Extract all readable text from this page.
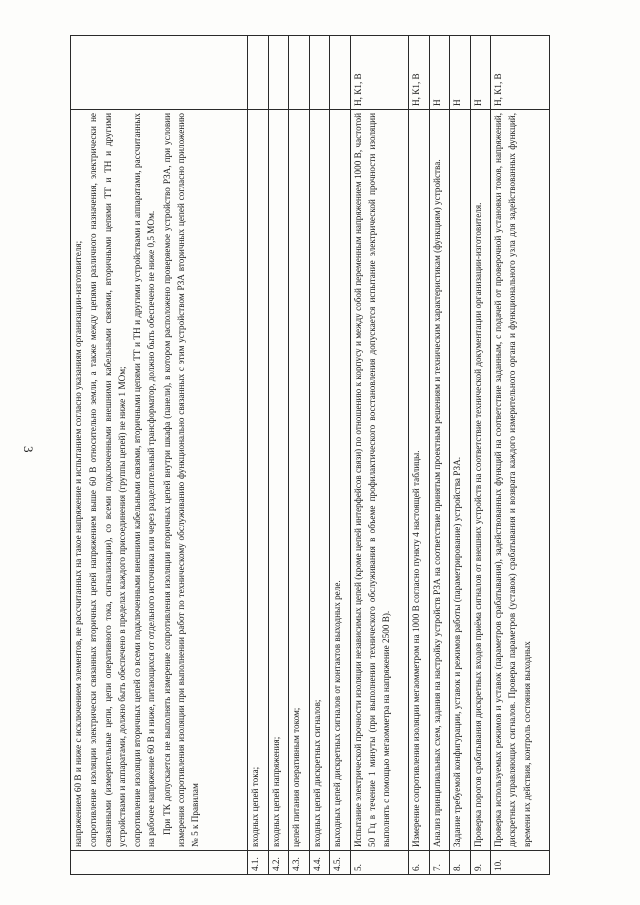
3

	напряжением 60 В и ниже с исключением элементов, не рассчитанных на такое напряжение и испытанием согласно указаниям организации-изготовителя; сопротивление изоляции электрически связанных вторичных цепей напряжением выше 60 В относительно земли, а также между цепями различного назначения, электрически не связанными (измерительные цепи, цепи оперативного тока, сигнализации), со всеми подключенными внешними кабельными связями, вторичными цепями ТТ и ТН и другими устройствами и аппаратами, должно быть обеспечено в пределах каждого присоединения (группы цепей) не ниже 1 МОм; сопротивление изоляции вторичных цепей со всеми подключенными внешними кабельными связями, вторичными цепями ТТ и ТН и другими устройствами и аппаратами, рассчитанных на рабочее напряжение 60 В и ниже, питающихся от отдельного источника или через разделительный трансформатор, должно быть обеспечено не ниже 0,5 МОм. При ТК допускается не выполнять измерение сопротивления изоляции вторичных цепей внутри шкафа (панели), в котором расположено проверяемое устройство РЗА, при условии измерения сопротивления изоляции при выполнении работ по техническому обслуживанию функционально связанных с этим устройством РЗА вторичных цепей согласно приложению № 5 к Правилам	

4.1.	входных цепей тока;	

4.2.	входных цепей напряжения;	

4.3.	цепей питания оперативным током;	

4.4.	входных цепей дискретных сигналов;	

4.5.	выходных цепей дискретных сигналов от контактов выходных реле.	

5.	Испытание электрической прочности изоляции независимых цепей (кроме цепей интерфейсов связи) по отношению к корпусу и между собой переменным напряжением 1000 В, частотой 50 Гц в течение 1 минуты (при выполнении технического обслуживания в объеме профилактического восстановления допускается испытание электрической прочности изоляции выполнять с помощью мегаомметра на напряжение 2500 В).	Н, К1, В
6.	Измерение сопротивления изоляции мегаомметром на 1000 В согласно пункту 4 настоящей таблицы.	Н, К1, В
7.	Анализ принципиальных схем, задания на настройку устройств РЗА на соответствие принятым проектным решениям и техническим характеристикам (функциям) устройства.	Н
8.	Задание требуемой конфигурации, уставок и режимов работы (параметрирование) устройства РЗА.	Н
9.	Проверка порогов срабатывания дискретных входов приёма сигналов от внешних устройств на соответствие технической документации организации-изготовителя.	Н
10.	Проверка используемых режимов и уставок (параметров срабатывания), задействованных функций на соответствие заданным, с подачей от проверочной установки токов, напряжений, дискретных управляющих сигналов. Проверка параметров (уставок) срабатывания и возврата каждого измерительного органа и функционального узла для задействованных функций, времени их действия, контроль состояния выходных	Н, К1, В
